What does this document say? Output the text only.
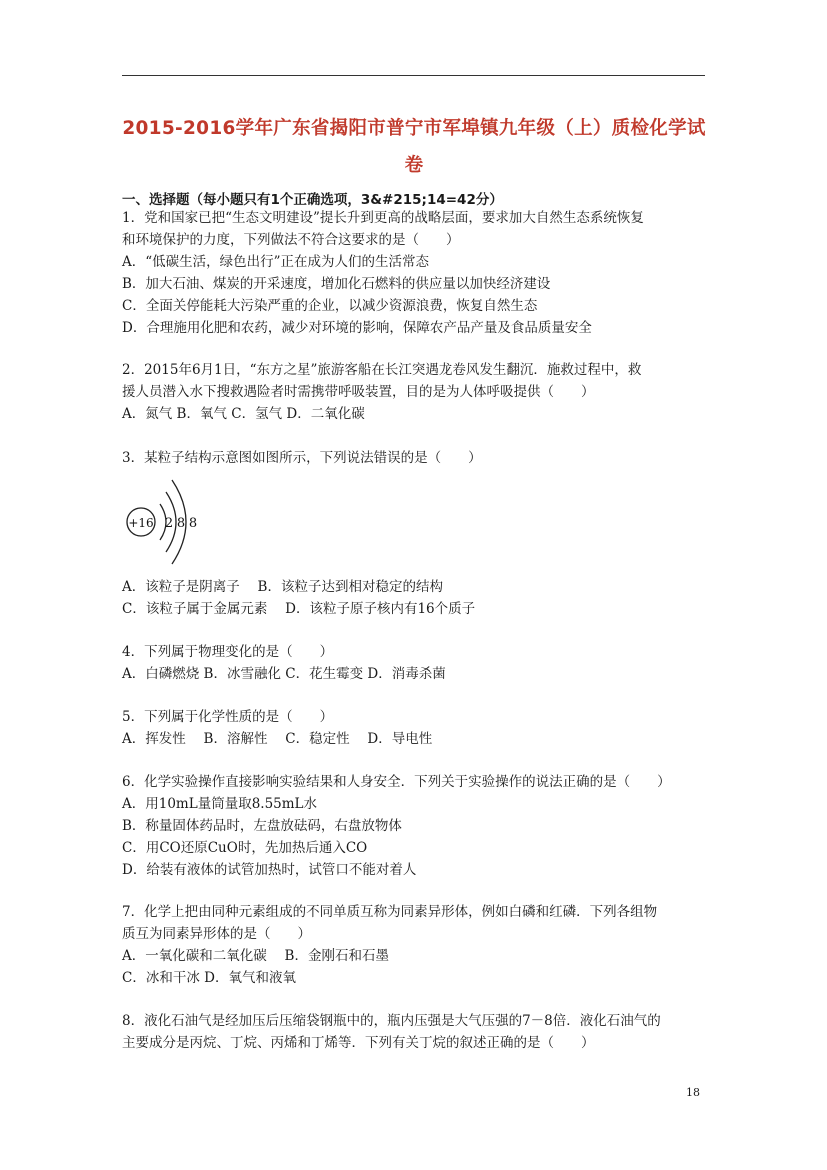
2015-2016学年广东省揭阳市普宁市军埠镇九年级（上）质检化学试
卷
一、选择题（每小题只有1个正确选项，3&#215;14=42分）
1．党和国家已把“生态文明建设”提长升到更高的战略层面，要求加大自然生态系统恢复
和环境保护的力度，下列做法不符合这要求的是（　　）
A．“低碳生活，绿色出行”正在成为人们的生活常态
B．加大石油、煤炭的开采速度，增加化石燃料的供应量以加快经济建设
C．全面关停能耗大污染严重的企业，以减少资源浪费，恢复自然生态
D．合理施用化肥和农药，减少对环境的影响，保障农产品产量及食品质量安全
2．2015年6月1日，“东方之星”旅游客船在长江突遇龙卷风发生翻沉．施救过程中，救
援人员潜入水下搜救遇险者时需携带呼吸装置，目的是为人体呼吸提供（　　）
A．氮气 B．氧气 C．氢气 D．二氧化碳
3．某粒子结构示意图如图所示，下列说法错误的是（　　）
+16 2 8 8
A．该粒子是阴离子　 B．该粒子达到相对稳定的结构
C．该粒子属于金属元素　 D．该粒子原子核内有16个质子
4．下列属于物理变化的是（　　）
A．白磷燃烧 B．冰雪融化 C．花生霉变 D．消毒杀菌
5．下列属于化学性质的是（　　）
A．挥发性　 B．溶解性　 C．稳定性　 D．导电性
6．化学实验操作直接影响实验结果和人身安全．下列关于实验操作的说法正确的是（　　）
A．用10mL量筒量取8.55mL水
B．称量固体药品时，左盘放砝码，右盘放物体
C．用CO还原CuO时，先加热后通入CO
D．给装有液体的试管加热时，试管口不能对着人
7．化学上把由同种元素组成的不同单质互称为同素异形体，例如白磷和红磷．下列各组物
质互为同素异形体的是（　　）
A．一氧化碳和二氧化碳　 B．金刚石和石墨
C．冰和干冰 D．氧气和液氧
8．液化石油气是经加压后压缩袋钢瓶中的，瓶内压强是大气压强的7－8倍．液化石油气的
主要成分是丙烷、丁烷、丙烯和丁烯等．下列有关丁烷的叙述正确的是（　　）
18
